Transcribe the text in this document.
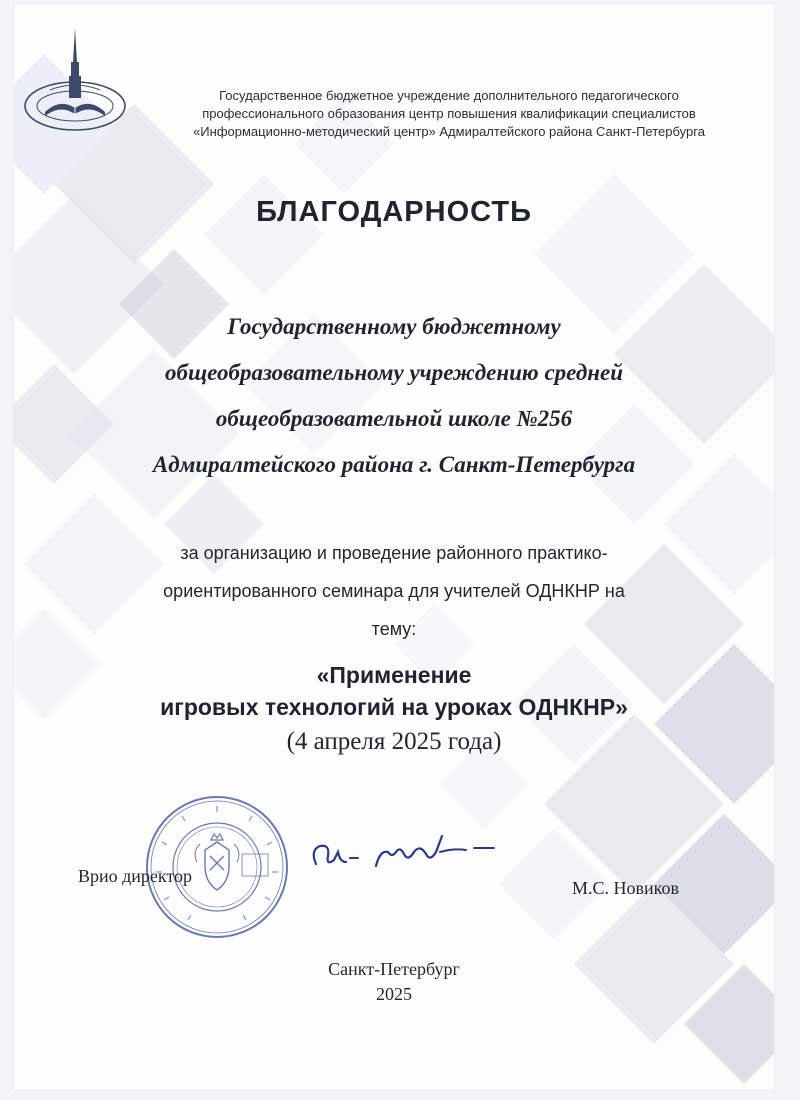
Государственное бюджетное учреждение дополнительного педагогического
профессионального образования центр повышения квалификации специалистов
«Информационно-методический центр» Адмиралтейского района Санкт-Петербурга
БЛАГОДАРНОСТЬ
Государственному бюджетному
общеобразовательному учреждению средней
общеобразовательной школе №256
Адмиралтейского района г. Санкт-Петербурга
за организацию и проведение районного практико-
ориентированного семинара для учителей ОДНКНР на
тему:
«Применение
игровых технологий на уроках ОДНКНР»
(4 апреля 2025 года)
Врио директор
М.С. Новиков
Санкт-Петербург
2025
